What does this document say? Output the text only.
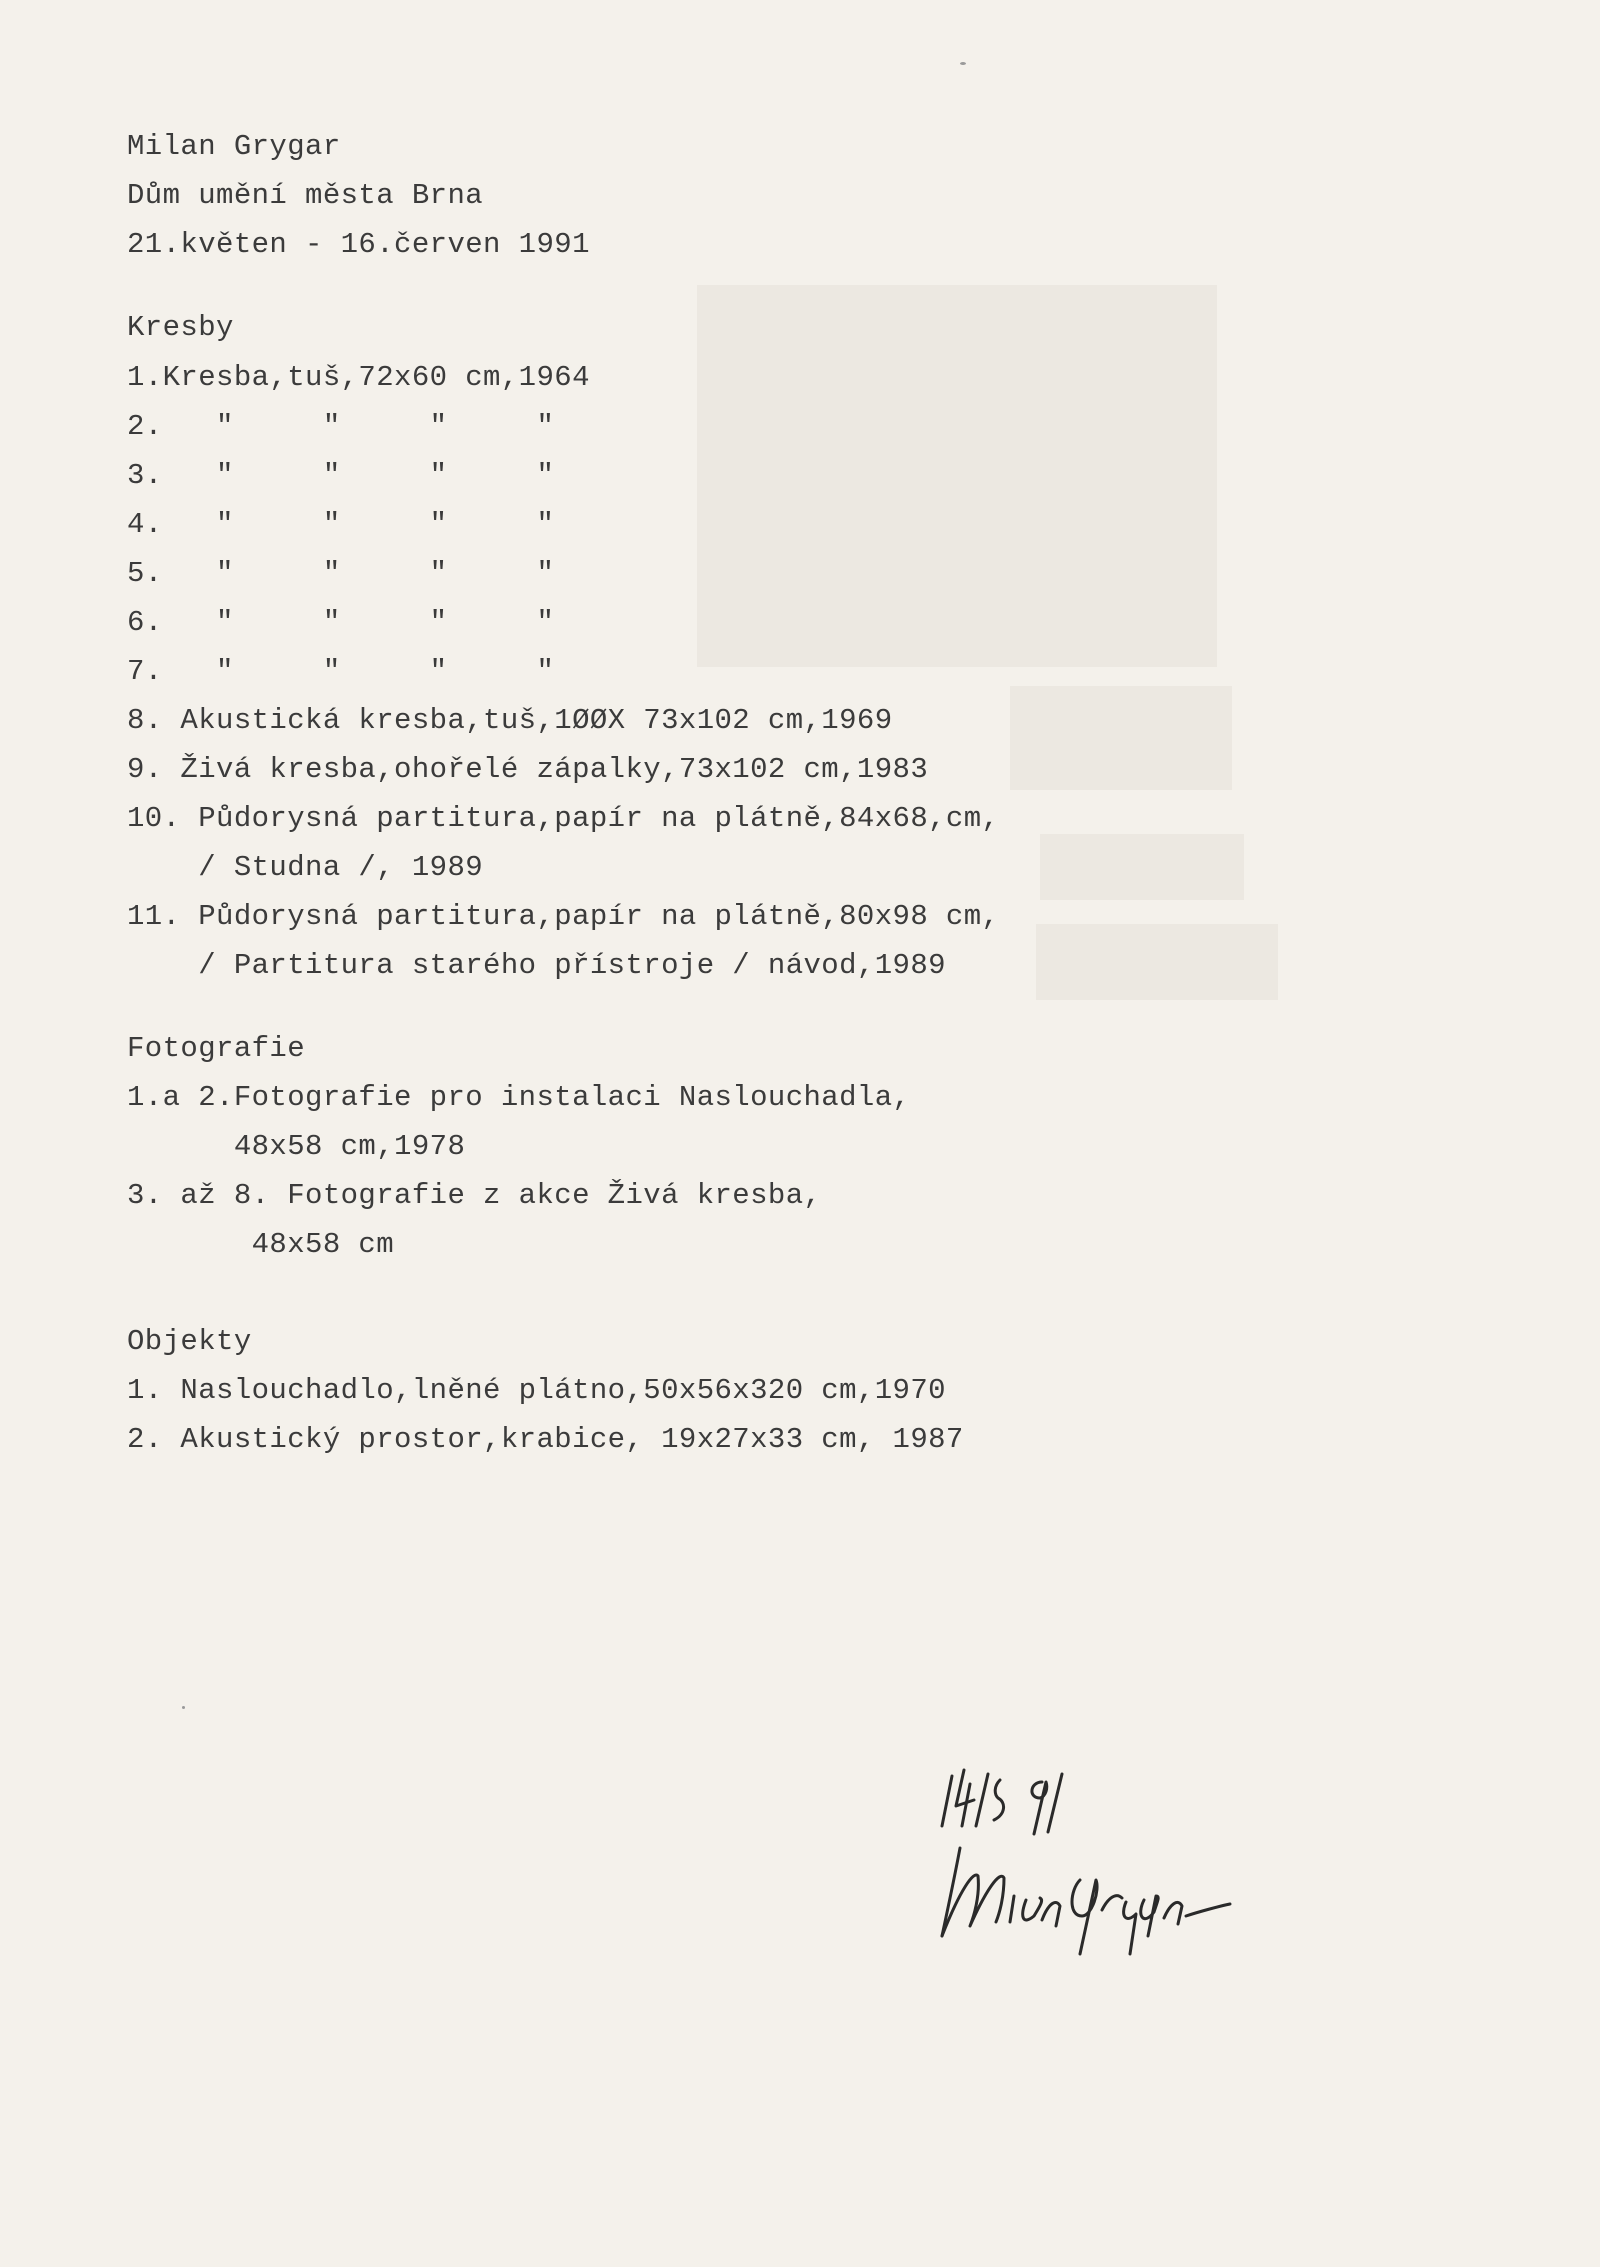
Milan Grygar
Dům umění města Brna
21.květen - 16.červen 1991
Kresby
1.Kresba,tuš,72x60 cm,1964
2.   "     "     "     "
3.   "     "     "     "
4.   "     "     "     "
5.   "     "     "     "
6.   "     "     "     "
7.   "     "     "     "
8. Akustická kresba,tuš,1ØØX 73x102 cm,1969
9. Živá kresba,ohořelé zápalky,73x102 cm,1983
10. Půdorysná partitura,papír na plátně,84x68,cm,
/ Studna /, 1989
11. Půdorysná partitura,papír na plátně,80x98 cm,
/ Partitura starého přístroje / návod,1989
Fotografie
1.a 2.Fotografie pro instalaci Naslouchadla,
48x58 cm,1978
3. až 8. Fotografie z akce Živá kresba,
48x58 cm
Objekty
1. Naslouchadlo,lněné plátno,50x56x320 cm,1970
2. Akustický prostor,krabice, 19x27x33 cm, 1987
